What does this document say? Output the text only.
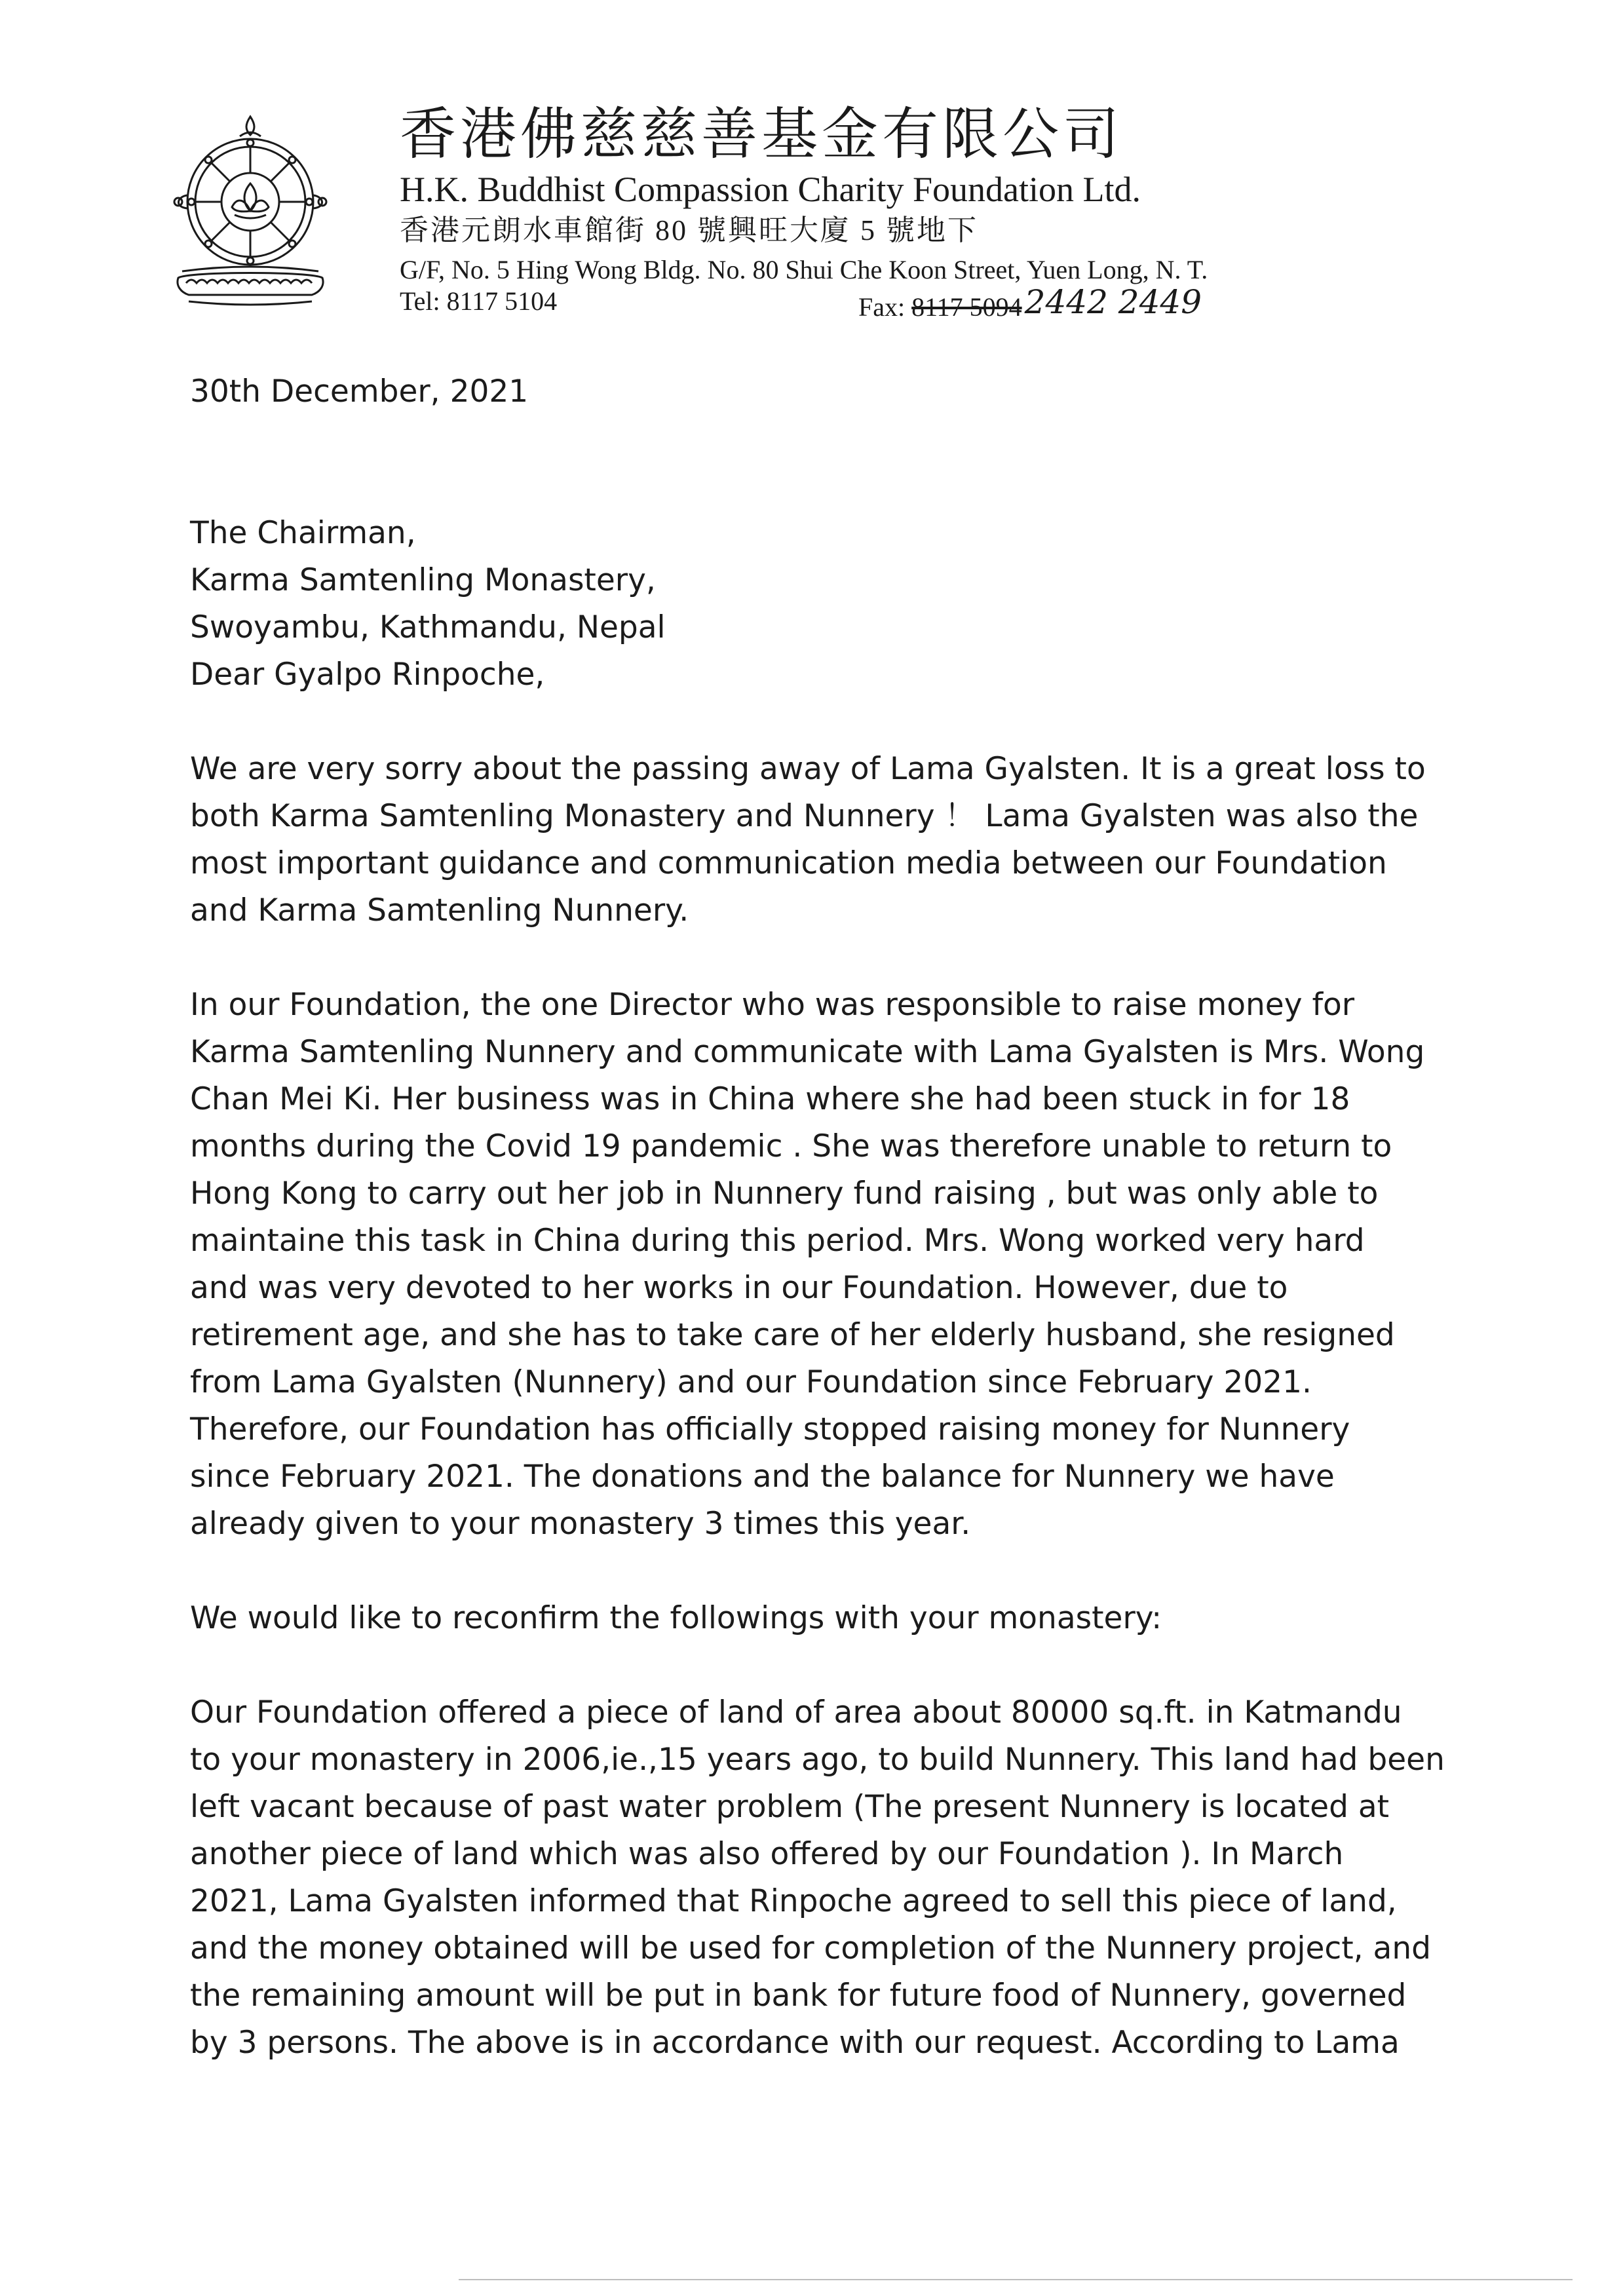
香港佛慈慈善基金有限公司
H.K. Buddhist Compassion Charity Foundation Ltd.
香港元朗水車館街 80 號興旺大廈 5 號地下
G/F, No. 5 Hing Wong Bldg. No. 80 Shui Che Koon Street, Yuen Long, N. T.
Tel: 8117 5104	Fax: 8117 50942442 2449

30th December, 2021

The Chairman,

Karma Samtenling Monastery,

Swoyambu, Kathmandu, Nepal

Dear Gyalpo Rinpoche,

We are very sorry about the passing away of Lama Gyalsten. It is a great loss to

both Karma Samtenling Monastery and Nunnery ！ Lama Gyalsten was also the

most important guidance and communication media between our Foundation

and Karma Samtenling Nunnery.

In our Foundation, the one Director who was responsible to raise money for

Karma Samtenling Nunnery and communicate with Lama Gyalsten is Mrs. Wong

Chan Mei Ki. Her business was in China where she had been stuck in for 18

months during the Covid 19 pandemic . She was therefore unable to return to

Hong Kong to carry out her job in Nunnery fund raising , but was only able to

maintaine this task in China during this period. Mrs. Wong worked very hard

and was very devoted to her works in our Foundation. However, due to

retirement age, and she has to take care of her elderly husband, she resigned

from Lama Gyalsten (Nunnery) and our Foundation since February 2021.

Therefore, our Foundation has officially stopped raising money for Nunnery

since February 2021. The donations and the balance for Nunnery we have

already given to your monastery 3 times this year.

We would like to reconfirm the followings with your monastery:

Our Foundation offered a piece of land of area about 80000 sq.ft. in Katmandu

to your monastery in 2006,ie.,15 years ago, to build Nunnery. This land had been

left vacant because of past water problem (The present Nunnery is located at

another piece of land which was also offered by our Foundation ). In March

2021, Lama Gyalsten informed that Rinpoche agreed to sell this piece of land,

and the money obtained will be used for completion of the Nunnery project, and

the remaining amount will be put in bank for future food of Nunnery, governed

by 3 persons. The above is in accordance with our request. According to Lama
